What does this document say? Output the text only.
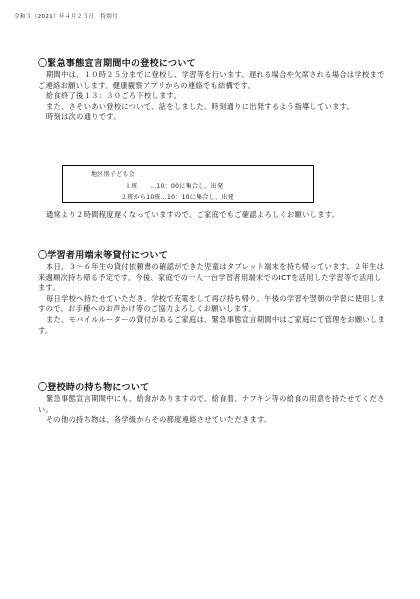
令和３（2021）年４月２３日　特別号
〇緊急事態宣言期間中の登校について

期間中は、１０時２５分までに登校し、学習等を行います。遅れる場合や欠席される場合は学校までご連絡お願いします。健康観察アプリからの連絡でも結構です。

給食終了後１３：３０ごろ下校します。

また、さそいあい登校について、話をしました。時刻通りに出発するよう指導しています。

時刻は次の通りです。

地区別子ども会
１班　　…10：00に集合し、出発
２班から10班…10：10に集合し、出発

通常より２時間程度遅くなっていますので、ご家庭でもご確認よろしくお願いします。

〇学習者用端末等貸付について

本日、３～６年生の貸付依頼書の確認ができた児童はタブレット端末を持ち帰っています。２年生は来週順次持ち帰る予定です。今後、家庭での一人一台学習者用端末でのICTを活用した学習等で活用します。

毎日学校へ持たせていただき、学校で充電をして再び持ち帰り、午後の学習や翌朝の学習に使用しますので、お手種へのお声かけ等のご協力よろしくお願いします。

また、モバイルルーターの貸付があるご家庭は、緊急事態宣言期間中はご家庭にて管理をお願いします。

〇登校時の持ち物について

緊急事態宣言期間中にも、給食がありますので、給食着、ナフキン等の給食の用意を持たせてください。

その他の持ち物は、各学級からその都度連絡させていただきます。
